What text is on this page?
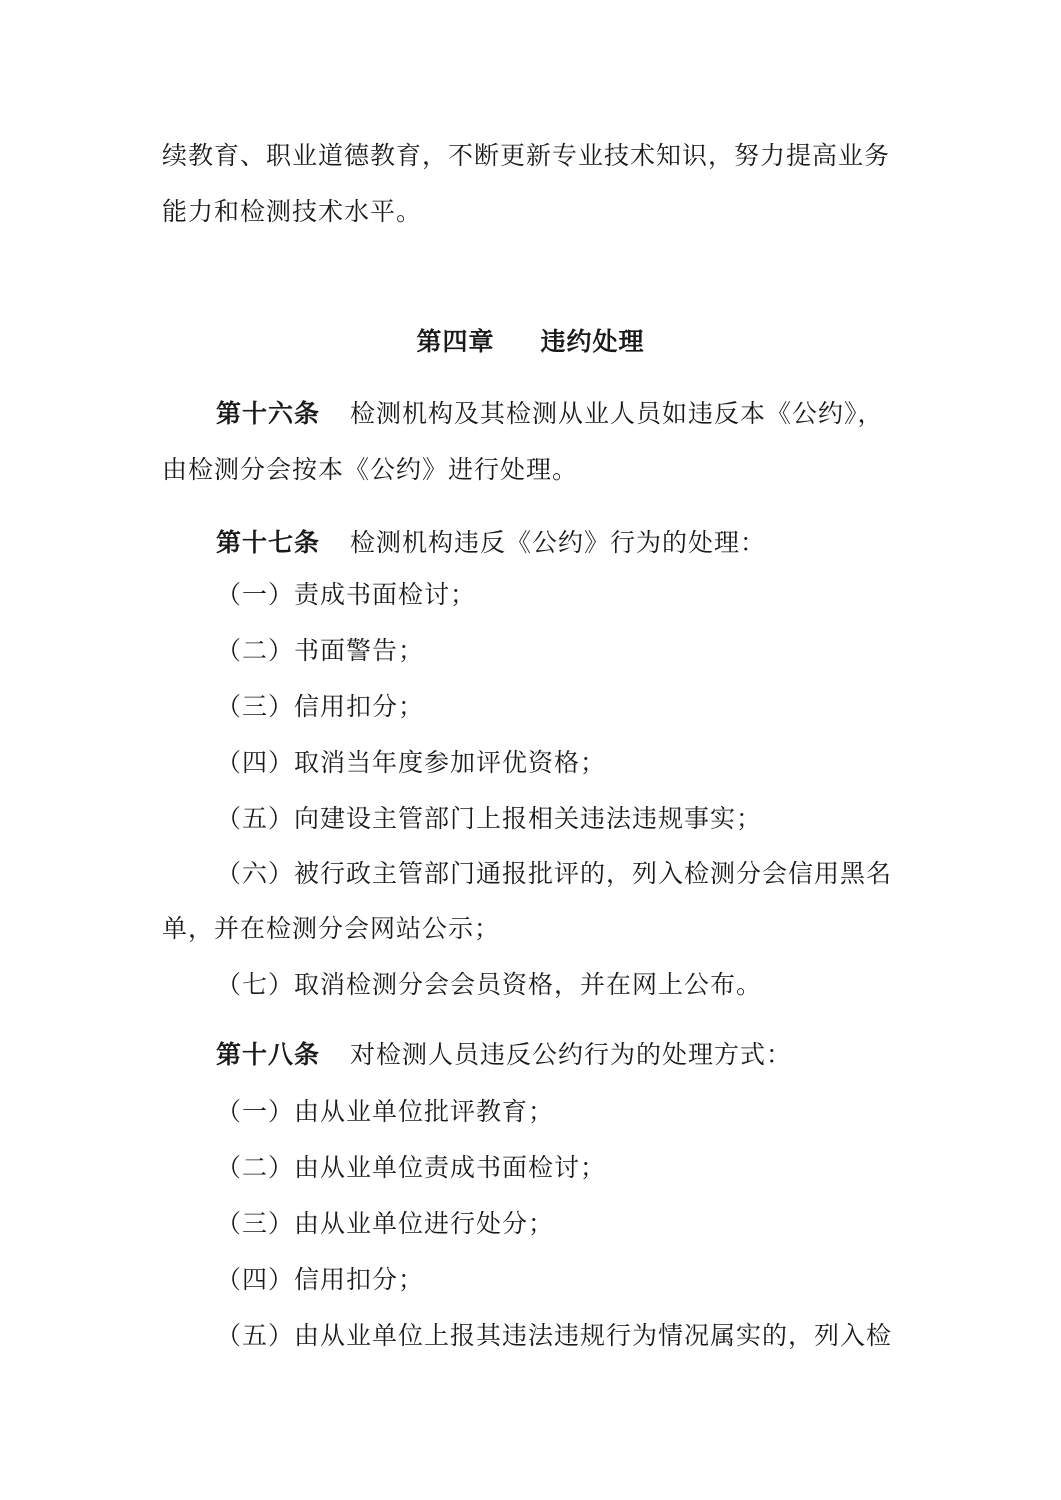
续教育、职业道德教育，不断更新专业技术知识，努力提高业务
能力和检测技术水平。
第四章 违约处理
第十六条 检测机构及其检测从业人员如违反本《公约》，
由检测分会按本《公约》进行处理。
第十七条 检测机构违反《公约》行为的处理：
（一）责成书面检讨；
（二）书面警告；
（三）信用扣分；
（四）取消当年度参加评优资格；
（五）向建设主管部门上报相关违法违规事实；
（六）被行政主管部门通报批评的，列入检测分会信用黑名
单，并在检测分会网站公示；
（七）取消检测分会会员资格，并在网上公布。
第十八条 对检测人员违反公约行为的处理方式：
（一）由从业单位批评教育；
（二）由从业单位责成书面检讨；
（三）由从业单位进行处分；
（四）信用扣分；
（五）由从业单位上报其违法违规行为情况属实的，列入检
